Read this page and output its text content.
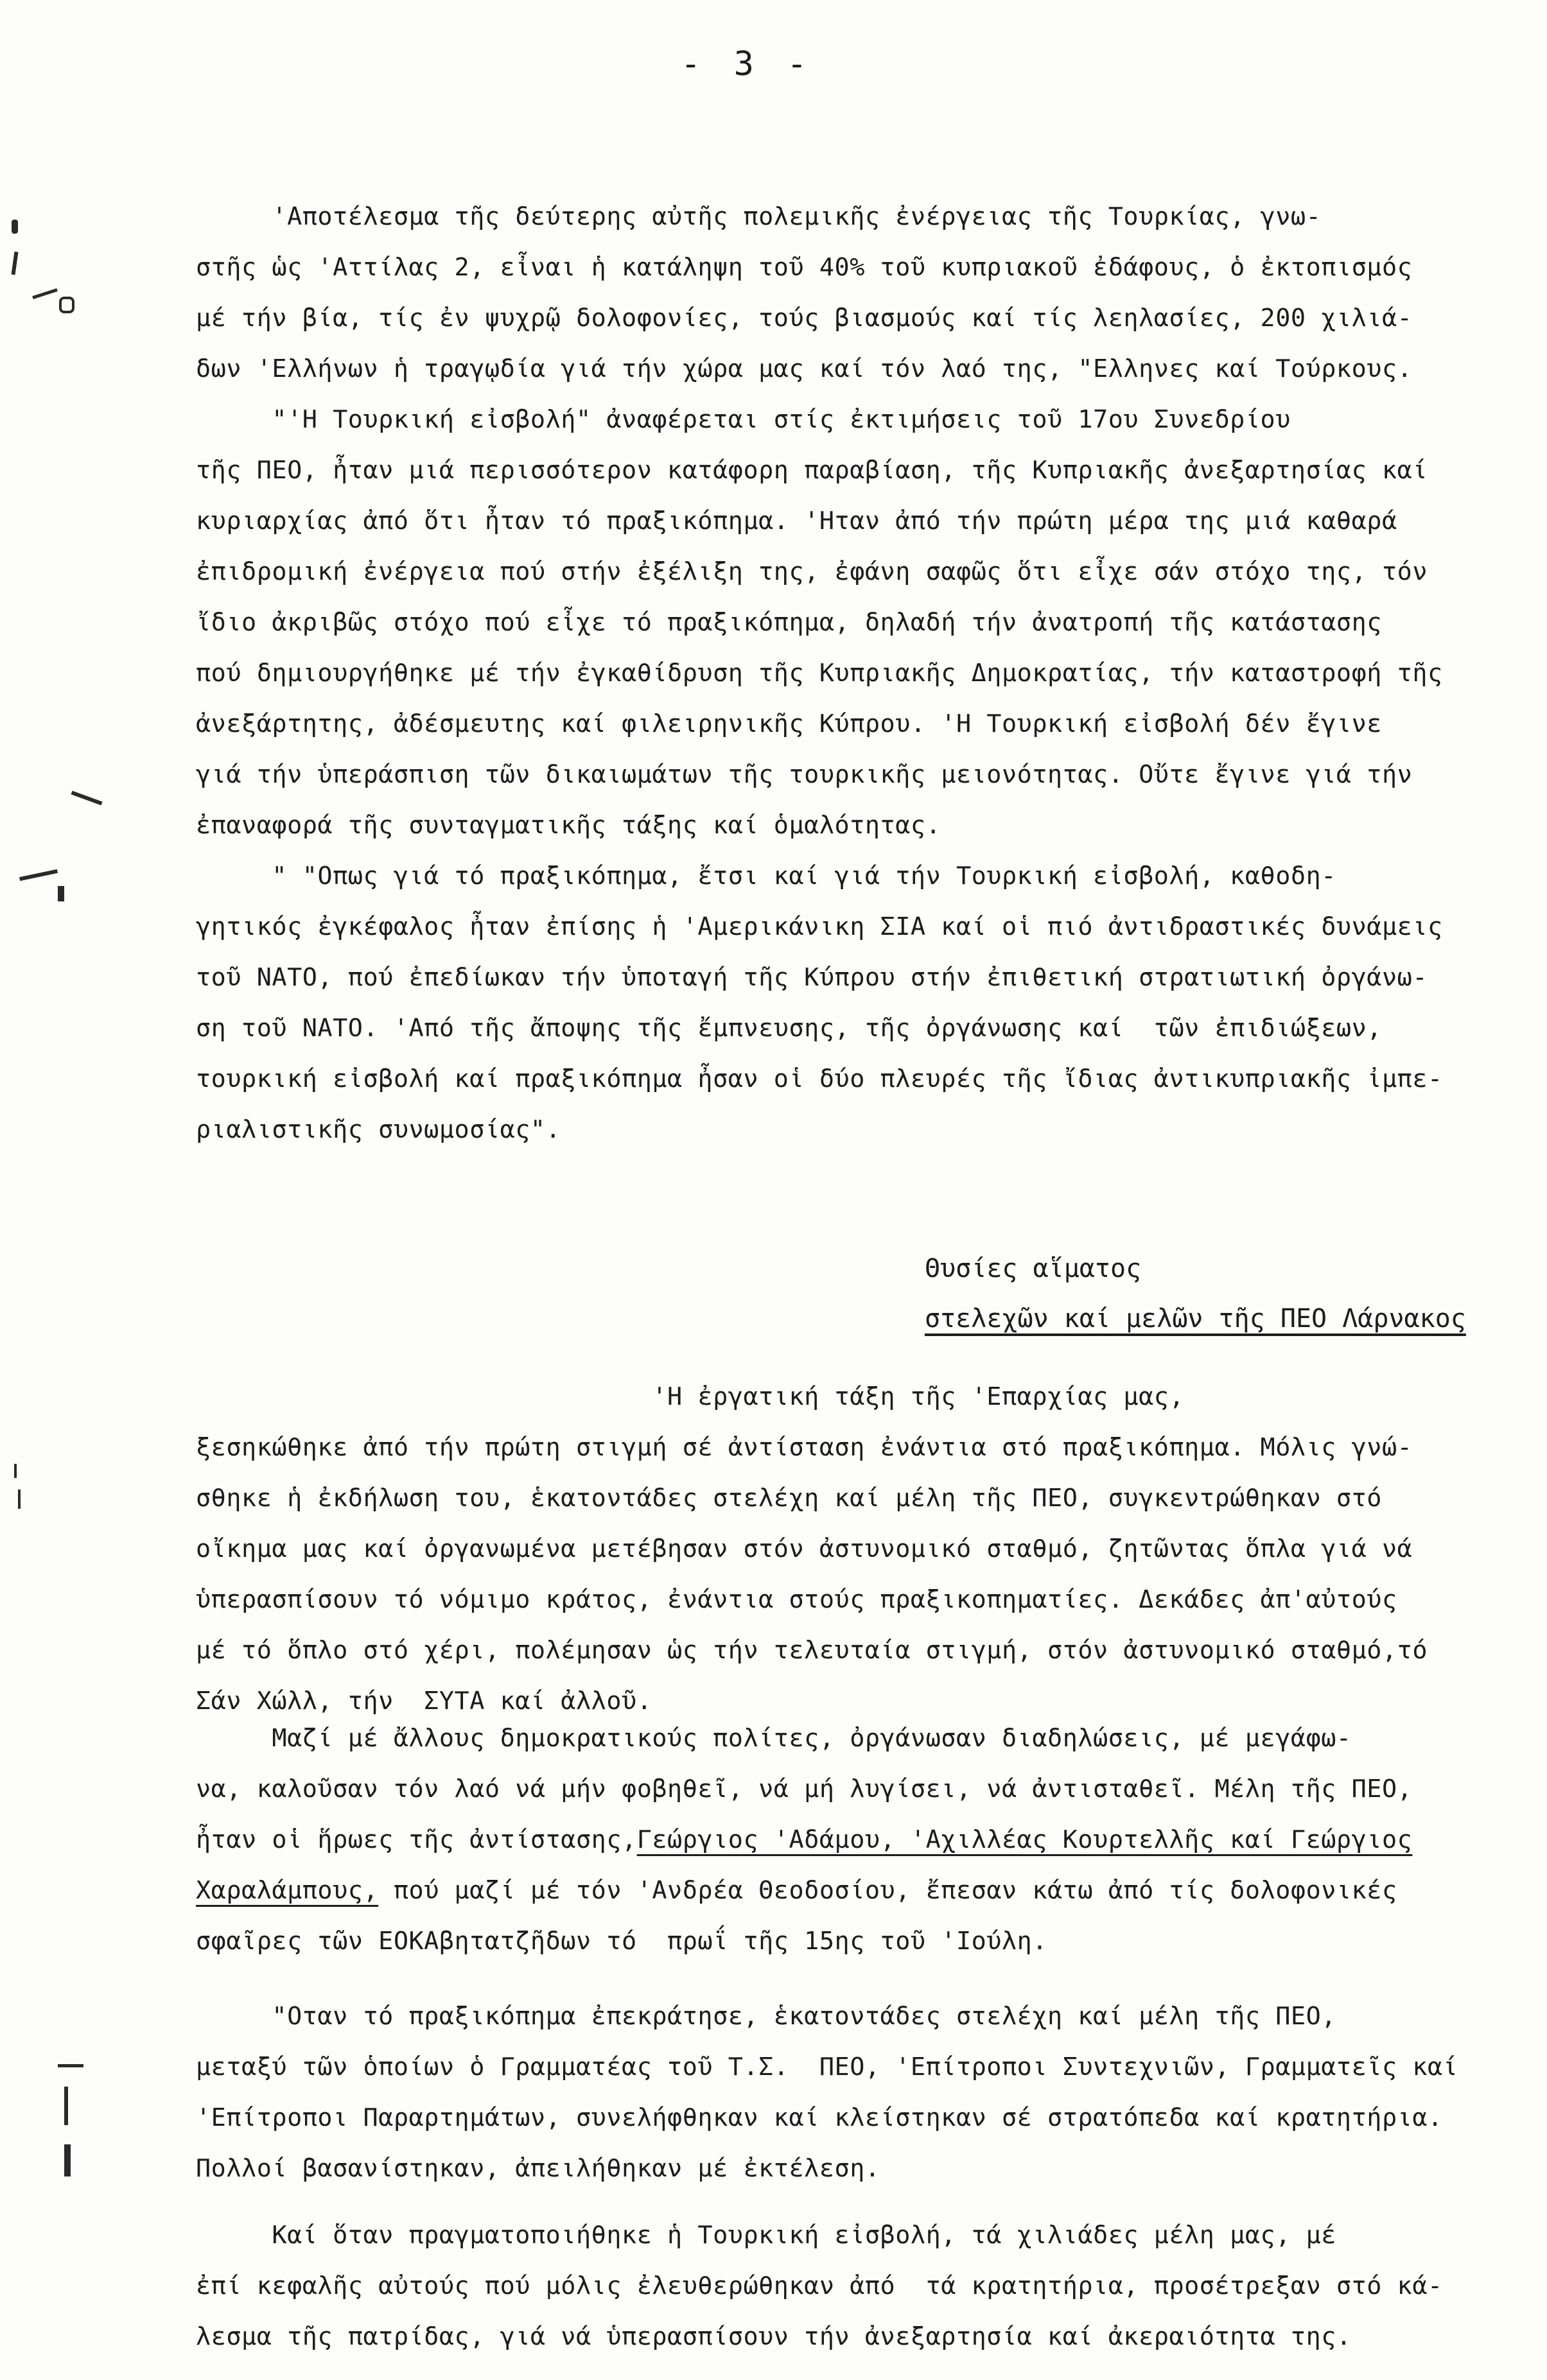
- 3 -
'Αποτέλεσμα τῆς δεύτερης αὐτῆς πολεμικῆς ἐνέργειας τῆς Τουρκίας, γνω-
στῆς ὡς 'Αττίλας 2, εἶναι ἡ κατάληψη τοῦ 40% τοῦ κυπριακοῦ ἐδάφους, ὁ ἐκτοπισμός
μέ τήν βία, τίς ἐν ψυχρῷ δολοφονίες, τούς βιασμούς καί τίς λεηλασίες, 200 χιλιά-
δων 'Ελλήνων ἡ τραγῳδία γιά τήν χώρα μας καί τόν λαό της, "Ελληνες καί Τούρκους.
"'Η Τουρκική εἰσβολή" ἀναφέρεται στίς ἐκτιμήσεις τοῦ 17ου Συνεδρίου
τῆς ΠΕΟ, ἦταν μιά περισσότερον κατάφορη παραβίαση, τῆς Κυπριακῆς ἀνεξαρτησίας καί
κυριαρχίας ἀπό ὅτι ἦταν τό πραξικόπημα. 'Ηταν ἀπό τήν πρώτη μέρα της μιά καθαρά
ἐπιδρομική ἐνέργεια πού στήν ἐξέλιξη της, ἐφάνη σαφῶς ὅτι εἶχε σάν στόχο της, τόν
ἴδιο ἀκριβῶς στόχο πού εἶχε τό πραξικόπημα, δηλαδή τήν ἀνατροπή τῆς κατάστασης
πού δημιουργήθηκε μέ τήν ἐγκαθίδρυση τῆς Κυπριακῆς Δημοκρατίας, τήν καταστροφή τῆς
ἀνεξάρτητης, ἀδέσμευτης καί φιλειρηνικῆς Κύπρου. 'Η Τουρκική εἰσβολή δέν ἔγινε
γιά τήν ὑπεράσπιση τῶν δικαιωμάτων τῆς τουρκικῆς μειονότητας. Οὔτε ἔγινε γιά τήν
ἐπαναφορά τῆς συνταγματικῆς τάξης καί ὁμαλότητας.
" "Οπως γιά τό πραξικόπημα, ἔτσι καί γιά τήν Τουρκική εἰσβολή, καθοδη-
γητικός ἐγκέφαλος ἦταν ἐπίσης ἡ 'Αμερικάνικη ΣΙΑ καί οἱ πιό ἀντιδραστικές δυνάμεις
τοῦ ΝΑΤΟ, πού ἐπεδίωκαν τήν ὑποταγή τῆς Κύπρου στήν ἐπιθετική στρατιωτική ὀργάνω-
ση τοῦ ΝΑΤΟ. 'Από τῆς ἄποψης τῆς ἔμπνευσης, τῆς ὀργάνωσης καί  τῶν ἐπιδιώξεων,
τουρκική εἰσβολή καί πραξικόπημα ἦσαν οἱ δύο πλευρές τῆς ἴδιας ἀντικυπριακῆς ἰμπε-
ριαλιστικῆς συνωμοσίας".
Θυσίες αἵματος
στελεχῶν καί μελῶν τῆς ΠΕΟ Λάρνακος
'Η ἐργατική τάξη τῆς 'Επαρχίας μας,
ξεσηκώθηκε ἀπό τήν πρώτη στιγμή σέ ἀντίσταση ἐνάντια στό πραξικόπημα. Μόλις γνώ-
σθηκε ἡ ἐκδήλωση του, ἑκατοντάδες στελέχη καί μέλη τῆς ΠΕΟ, συγκεντρώθηκαν στό
οἴκημα μας καί ὀργανωμένα μετέβησαν στόν ἀστυνομικό σταθμό, ζητῶντας ὅπλα γιά νά
ὑπερασπίσουν τό νόμιμο κράτος, ἐνάντια στούς πραξικοπηματίες. Δεκάδες ἀπ'αὐτούς
μέ τό ὅπλο στό χέρι, πολέμησαν ὡς τήν τελευταία στιγμή, στόν ἀστυνομικό σταθμό,τό
Σάν Χώλλ, τήν  ΣΥΤΑ καί ἀλλοῦ.
Μαζί μέ ἄλλους δημοκρατικούς πολίτες, ὀργάνωσαν διαδηλώσεις, μέ μεγάφω-
να, καλοῦσαν τόν λαό νά μήν φοβηθεῖ, νά μή λυγίσει, νά ἀντισταθεῖ. Μέλη τῆς ΠΕΟ,
ἦταν οἱ ἥρωες τῆς ἀντίστασης,Γεώργιος 'Αδάμου, 'Αχιλλέας Κουρτελλῆς καί Γεώργιος
Χαραλάμπους, πού μαζί μέ τόν 'Ανδρέα Θεοδοσίου, ἔπεσαν κάτω ἀπό τίς δολοφονικές
σφαῖρες τῶν ΕΟΚΑβητατζῆδων τό  πρωΐ τῆς 15ης τοῦ 'Ιούλη.
"Οταν τό πραξικόπημα ἐπεκράτησε, ἑκατοντάδες στελέχη καί μέλη τῆς ΠΕΟ,
μεταξύ τῶν ὁποίων ὁ Γραμματέας τοῦ Τ.Σ.  ΠΕΟ, 'Επίτροποι Συντεχνιῶν, Γραμματεῖς καί
'Επίτροποι Παραρτημάτων, συνελήφθηκαν καί κλείστηκαν σέ στρατόπεδα καί κρατητήρια.
Πολλοί βασανίστηκαν, ἀπειλήθηκαν μέ ἐκτέλεση.
Καί ὅταν πραγματοποιήθηκε ἡ Τουρκική εἰσβολή, τά χιλιάδες μέλη μας, μέ
ἐπί κεφαλῆς αὐτούς πού μόλις ἐλευθερώθηκαν ἀπό  τά κρατητήρια, προσέτρεξαν στό κά-
λεσμα τῆς πατρίδας, γιά νά ὑπερασπίσουν τήν ἀνεξαρτησία καί ἀκεραιότητα της.
